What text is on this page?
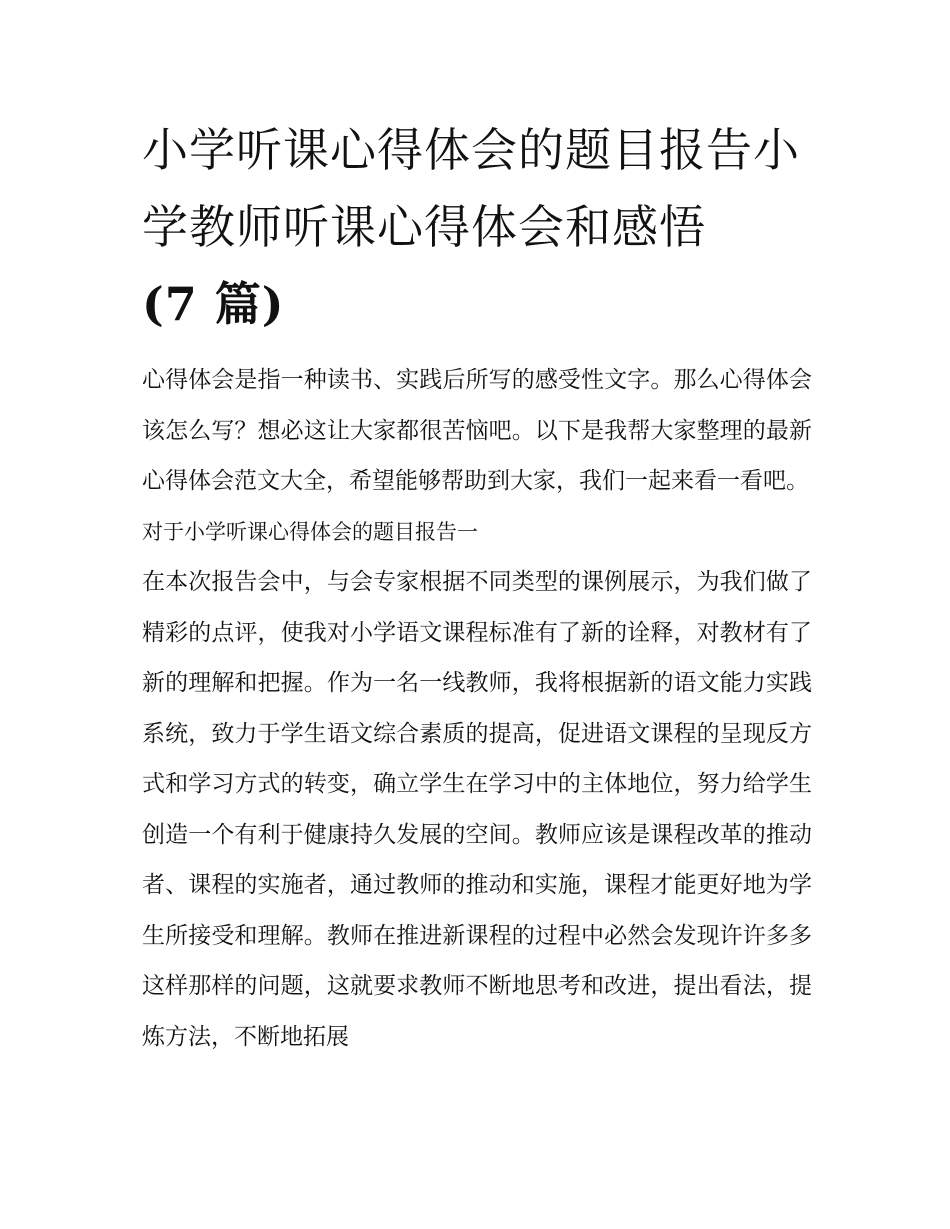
小学听课心得体会的题目报告小学教师听课心得体会和感悟
(7 篇)

心得体会是指一种读书、实践后所写的感受性文字。那么心得体会该怎么写？想必这让大家都很苦恼吧。以下是我帮大家整理的最新心得体会范文大全，希望能够帮助到大家，我们一起来看一看吧。

对于小学听课心得体会的题目报告一

在本次报告会中，与会专家根据不同类型的课例展示，为我们做了精彩的点评，使我对小学语文课程标准有了新的诠释，对教材有了新的理解和把握。作为一名一线教师，我将根据新的语文能力实践系统，致力于学生语文综合素质的提高，促进语文课程的呈现反方式和学习方式的转变，确立学生在学习中的主体地位，努力给学生创造一个有利于健康持久发展的空间。教师应该是课程改革的推动者、课程的实施者，通过教师的推动和实施，课程才能更好地为学生所接受和理解。教师在推进新课程的过程中必然会发现许许多多这样那样的问题，这就要求教师不断地思考和改进，提出看法，提炼方法，不断地拓展
